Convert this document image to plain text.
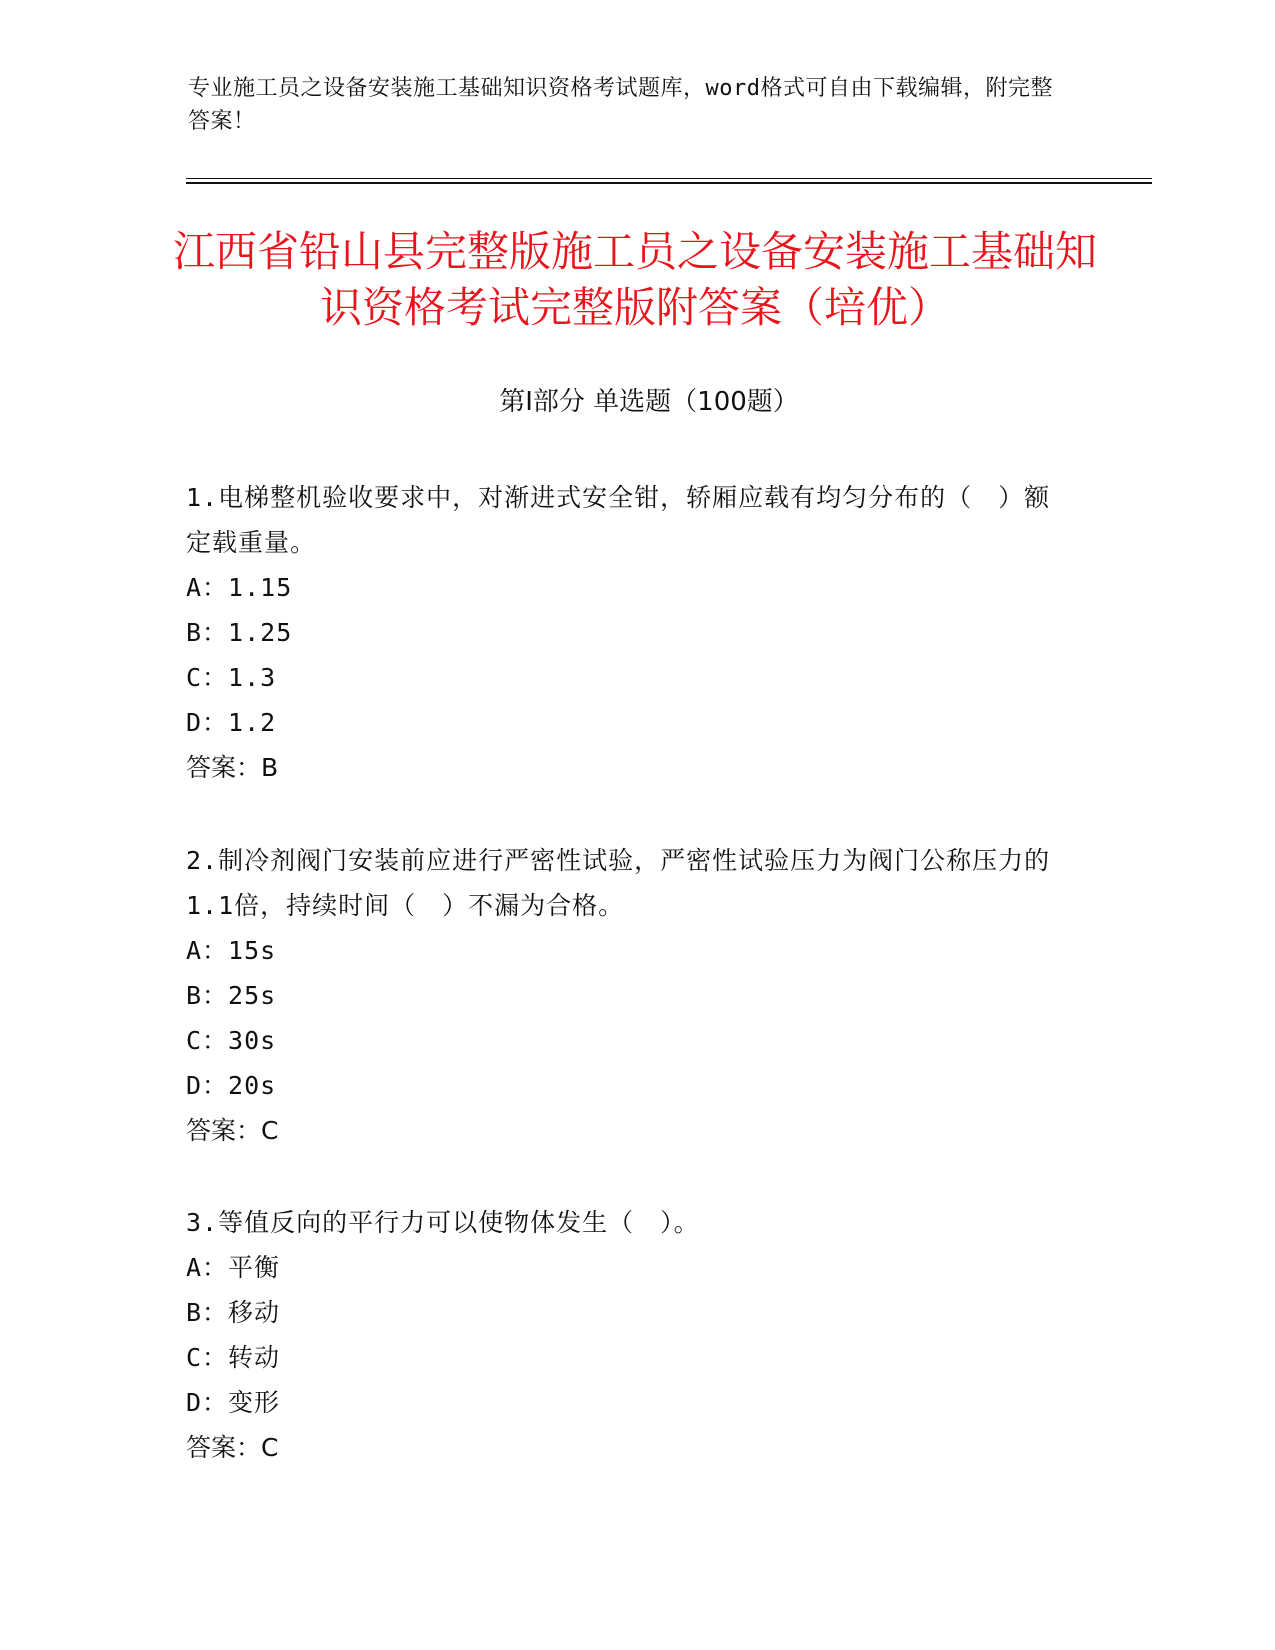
专业施工员之设备安装施工基础知识资格考试题库，word格式可自由下载编辑，附完整答案！
江西省铅山县完整版施工员之设备安装施工基础知识资格考试完整版附答案（培优）
第Ⅰ部分 单选题（100题）
1.电梯整机验收要求中，对渐进式安全钳，轿厢应载有均匀分布的（　）额定载重量。
A：1.15
B：1.25
C：1.3
D：1.2
答案：B
2.制冷剂阀门安装前应进行严密性试验，严密性试验压力为阀门公称压力的1.1倍，持续时间（　）不漏为合格。
A：15s
B：25s
C：30s
D：20s
答案：C
3.等值反向的平行力可以使物体发生（　）。
A：平衡
B：移动
C：转动
D：变形
答案：C
